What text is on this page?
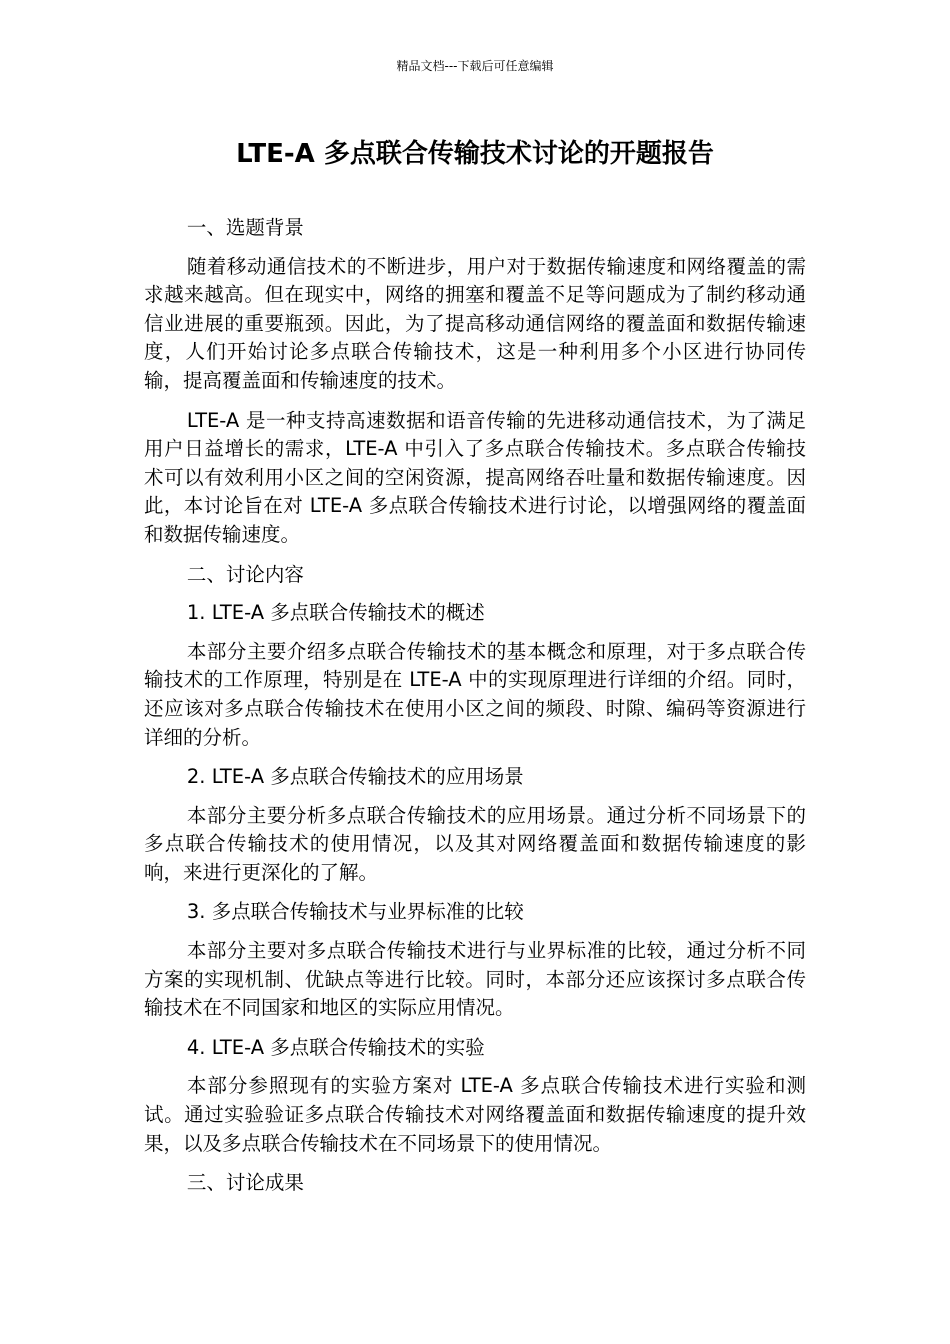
精品文档---下载后可任意编辑
LTE-A 多点联合传输技术讨论的开题报告

一、选题背景

随着移动通信技术的不断进步，用户对于数据传输速度和网络覆盖的需求越来越高。但在现实中，网络的拥塞和覆盖不足等问题成为了制约移动通信业进展的重要瓶颈。因此，为了提高移动通信网络的覆盖面和数据传输速度，人们开始讨论多点联合传输技术，这是一种利用多个小区进行协同传输，提高覆盖面和传输速度的技术。

LTE-A 是一种支持高速数据和语音传输的先进移动通信技术，为了满足用户日益增长的需求，LTE-A 中引入了多点联合传输技术。多点联合传输技术可以有效利用小区之间的空闲资源，提高网络吞吐量和数据传输速度。因此，本讨论旨在对 LTE-A 多点联合传输技术进行讨论，以增强网络的覆盖面和数据传输速度。

二、讨论内容

1. LTE-A 多点联合传输技术的概述

本部分主要介绍多点联合传输技术的基本概念和原理，对于多点联合传输技术的工作原理，特别是在 LTE-A 中的实现原理进行详细的介绍。同时，还应该对多点联合传输技术在使用小区之间的频段、时隙、编码等资源进行详细的分析。

2. LTE-A 多点联合传输技术的应用场景

本部分主要分析多点联合传输技术的应用场景。通过分析不同场景下的多点联合传输技术的使用情况，以及其对网络覆盖面和数据传输速度的影响，来进行更深化的了解。

3. 多点联合传输技术与业界标准的比较

本部分主要对多点联合传输技术进行与业界标准的比较，通过分析不同方案的实现机制、优缺点等进行比较。同时，本部分还应该探讨多点联合传输技术在不同国家和地区的实际应用情况。

4. LTE-A 多点联合传输技术的实验

本部分参照现有的实验方案对 LTE-A 多点联合传输技术进行实验和测试。通过实验验证多点联合传输技术对网络覆盖面和数据传输速度的提升效果，以及多点联合传输技术在不同场景下的使用情况。

三、讨论成果
